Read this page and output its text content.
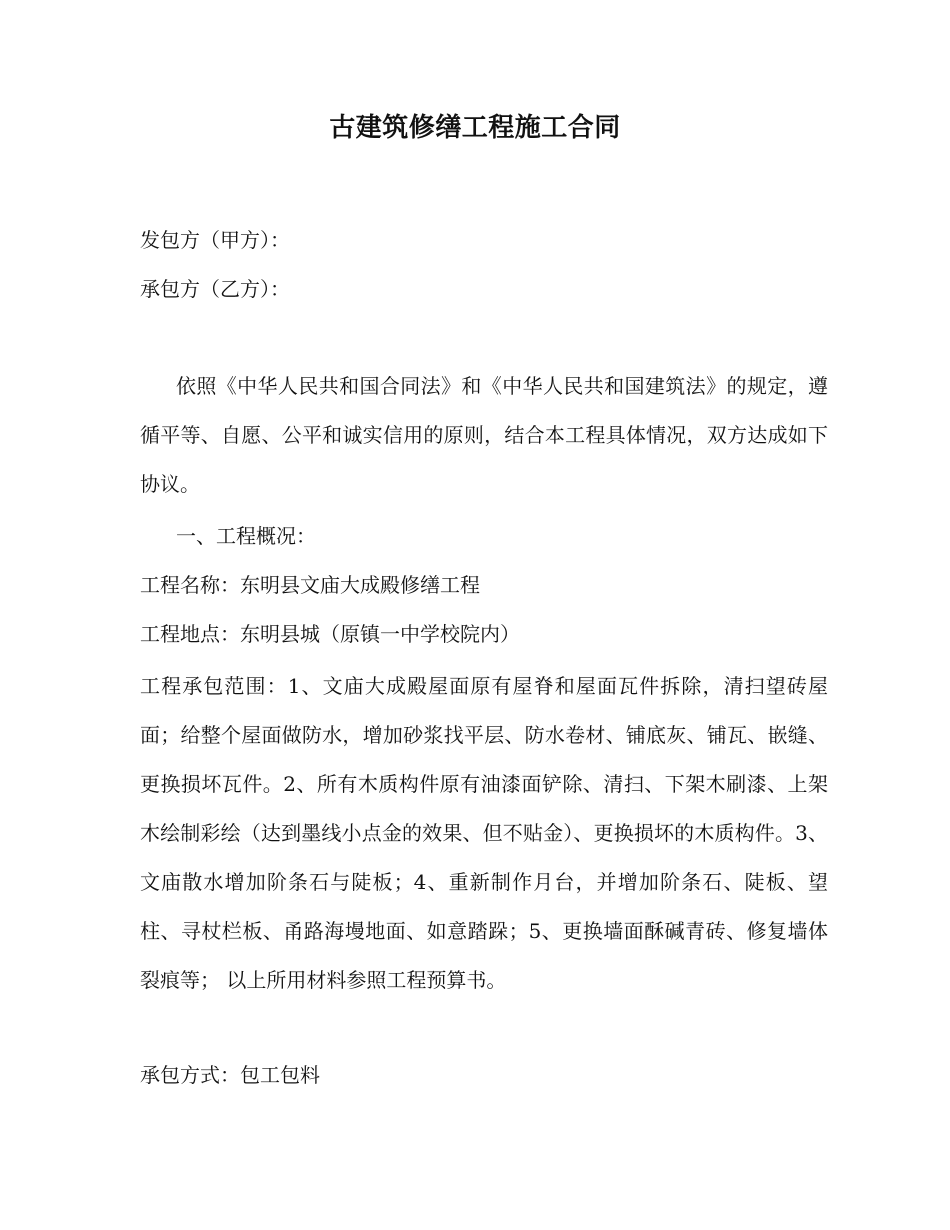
古建筑修缮工程施工合同
发包方（甲方）：
承包方（乙方）：
依照《中华人民共和国合同法》和《中华人民共和国建筑法》的规定，遵循平等、自愿、公平和诚实信用的原则，结合本工程具体情况，双方达成如下协议。
一、工程概况：
工程名称：东明县文庙大成殿修缮工程
工程地点：东明县城（原镇一中学校院内）
工程承包范围：1、文庙大成殿屋面原有屋脊和屋面瓦件拆除，清扫望砖屋面；给整个屋面做防水，增加砂浆找平层、防水卷材、铺底灰、铺瓦、嵌缝、更换损坏瓦件。2、所有木质构件原有油漆面铲除、清扫、下架木刷漆、上架木绘制彩绘（达到墨线小点金的效果、但不贴金）、更换损坏的木质构件。3、文庙散水增加阶条石与陡板；4、重新制作月台，并增加阶条石、陡板、望柱、寻杖栏板、甬路海墁地面、如意踏跺；5、更换墙面酥碱青砖、修复墙体裂痕等； 以上所用材料参照工程预算书。
承包方式：包工包料
